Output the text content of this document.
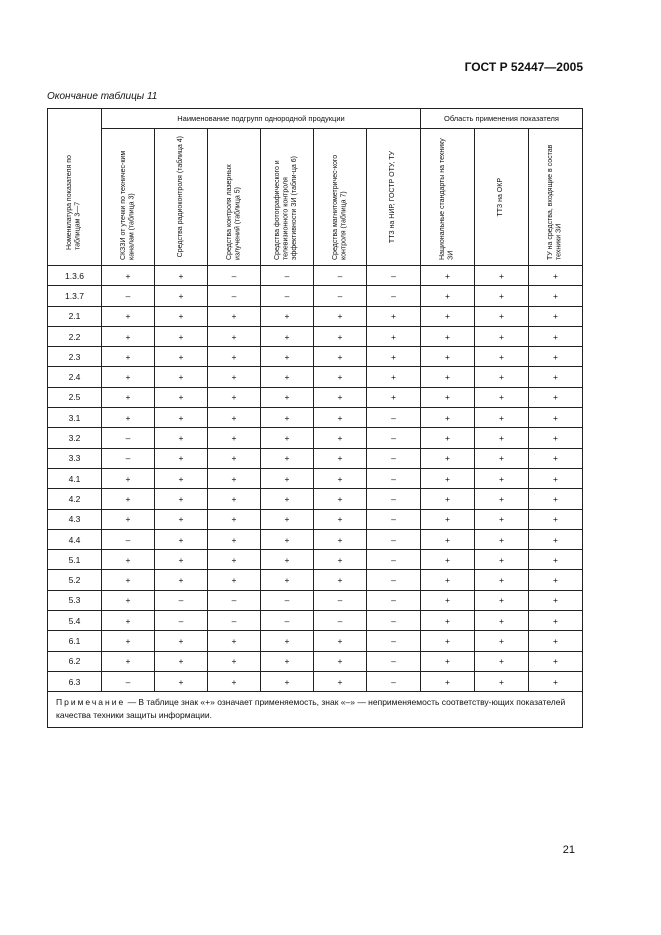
ГОСТ Р 52447—2005
Окончание таблицы 11
Номенклатура показателя по таблицам 3—7	Наименование подгрупп однородной продукции						Область применения показателя		

	СКЗЗИ от утечки по техничес-ким каналам (таблица 3)	Средства радиоконтроля (таблица 4)	Средства контроля лазерных излучений (таблица 5)	Средства фотографического и телевизионного контроля эффективности ЗИ (табли-ца 6)	Средства магнитометричес-кого контроля (таблица 7)	ТТЗ на НИР, ГОСТР ОТУ, ТУ	Национальные стандарты на технику ЗИ	ТТЗ на ОКР	ТУ на средства, входящие в состав техники ЗИ

1.3.6	+	+	–	–	–	–	+	+	+
1.3.7	–	+	–	–	–	–	+	+	+
2.1	+	+	+	+	+	+	+	+	+
2.2	+	+	+	+	+	+	+	+	+
2.3	+	+	+	+	+	+	+	+	+
2.4	+	+	+	+	+	+	+	+	+
2.5	+	+	+	+	+	+	+	+	+
3.1	+	+	+	+	+	–	+	+	+
3.2	–	+	+	+	+	–	+	+	+
3.3	–	+	+	+	+	–	+	+	+
4.1	+	+	+	+	+	–	+	+	+
4.2	+	+	+	+	+	–	+	+	+
4.3	+	+	+	+	+	–	+	+	+
4.4	–	+	+	+	+	–	+	+	+
5.1	+	+	+	+	+	–	+	+	+
5.2	+	+	+	+	+	–	+	+	+
5.3	+	–	–	–	–	–	+	+	+
5.4	+	–	–	–	–	–	+	+	+
6.1	+	+	+	+	+	–	+	+	+
6.2	+	+	+	+	+	–	+	+	+
6.3	–	+	+	+	+	–	+	+	+
Примечание — В таблице знак «+» означает применяемость, знак «–» — неприменяемость соответству-ющих показателей качества техники защиты информации.									
21
